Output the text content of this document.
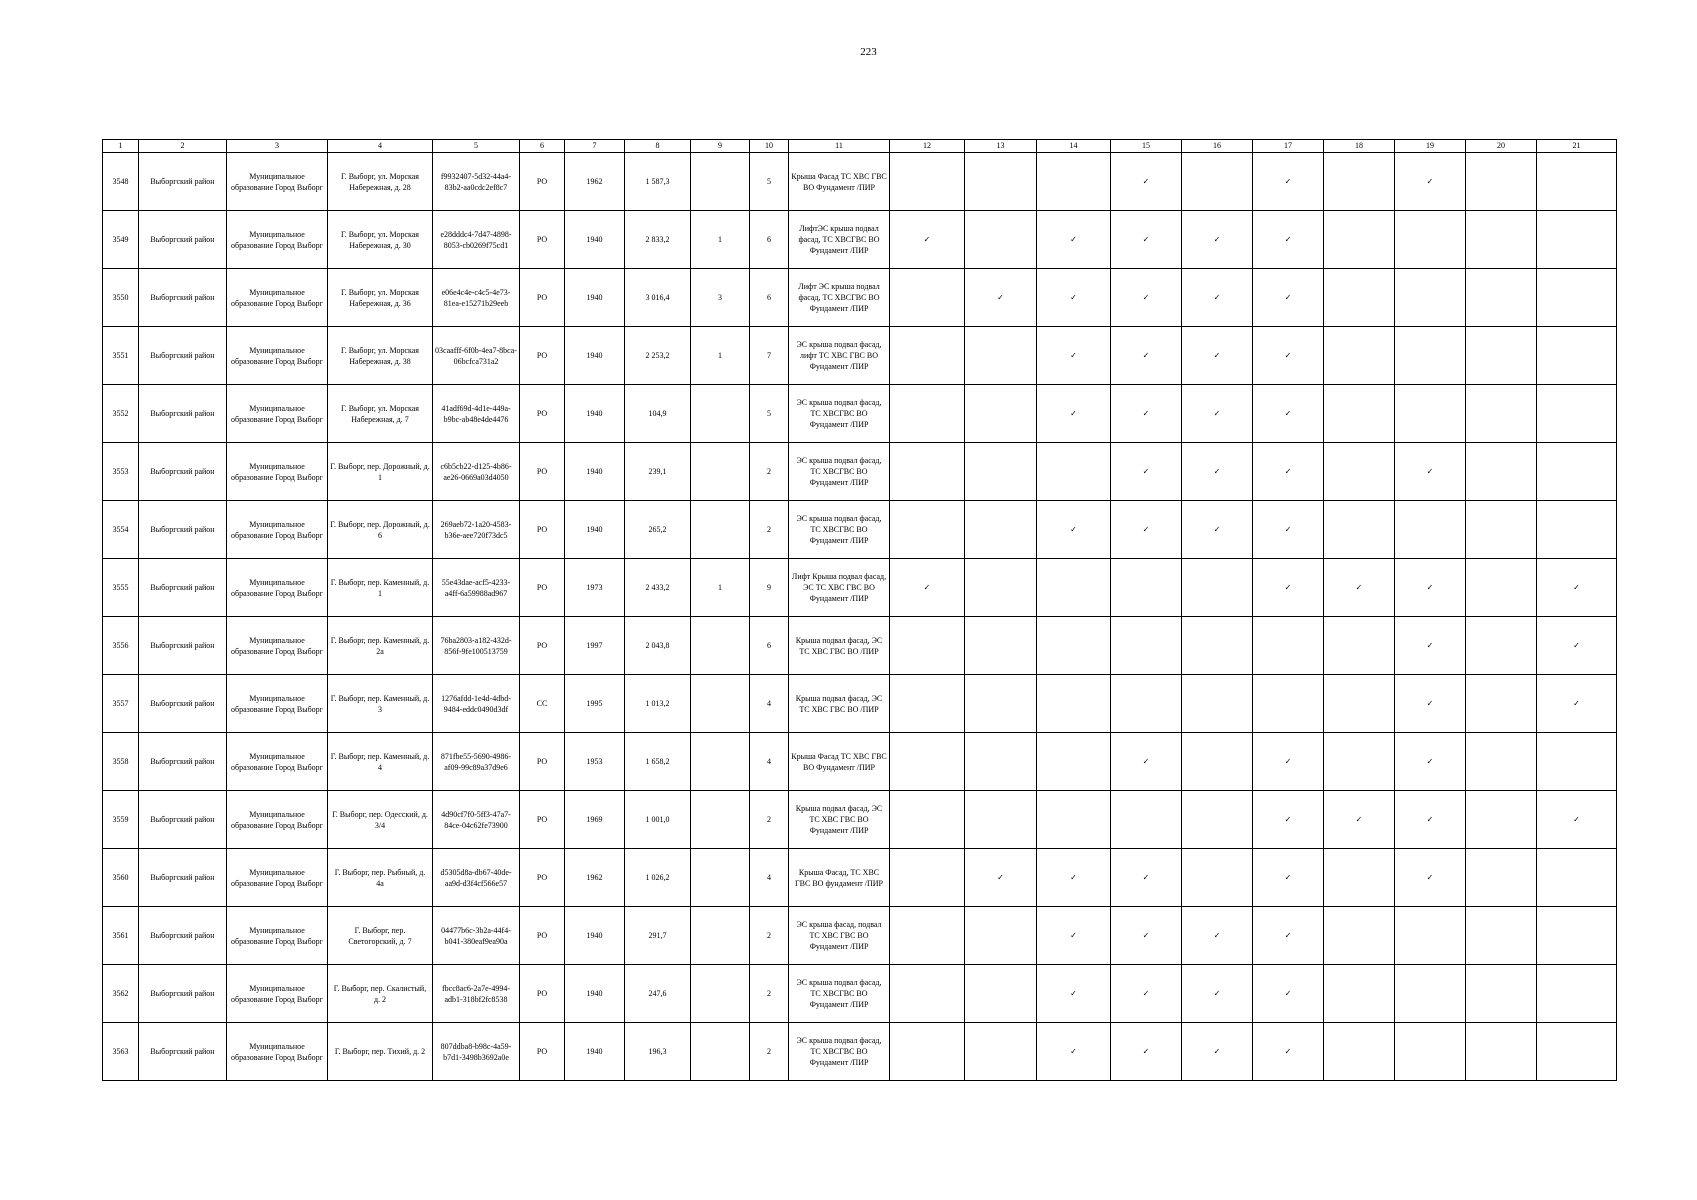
223
1	2	3	4	5	6	7	8	9	10	11	12	13	14	15	16	17	18	19	20	21
3548	Выборгский район	Муниципальное образование Город Выборг	Г. Выборг, ул. Морская Набережная, д. 28	f9932407-5d32-44a4-83b2-aa0cdc2ef8c7	РО	1962	1 587,3		5	Крыша Фасад ТС ХВС ГВС ВО Фундамент /ПИР				✓		✓		✓		
3549	Выборгский район	Муниципальное образование Город Выборг	Г. Выборг, ул. Морская Набережная, д. 30	e28dddc4-7d47-4898-8053-cb0269f75cd1	РО	1940	2 833,2	1	6	ЛифтЭС крыша подвал фасад, ТС ХВСГВС ВО Фундамент /ПИР	✓		✓	✓	✓	✓				
3550	Выборгский район	Муниципальное образование Город Выборг	Г. Выборг, ул. Морская Набережная, д. 36	e06e4c4e-c4c5-4e73-81ea-e15271b29eeb	РО	1940	3 016,4	3	6	Лифт ЭС крыша подвал фасад, ТС ХВСГВС ВО Фундамент /ПИР		✓	✓	✓	✓	✓				
3551	Выборгский район	Муниципальное образование Город Выборг	Г. Выборг, ул. Морская Набережная, д. 38	03caafff-6f0b-4ea7-8bca-06bcfca731a2	РО	1940	2 253,2	1	7	ЭС крыша подвал фасад, лифт ТС ХВС ГВС ВО Фундамент /ПИР			✓	✓	✓	✓				
3552	Выборгский район	Муниципальное образование Город Выборг	Г. Выборг, ул. Морская Набережная, д. 7	41adf69d-4d1e-449a-b9bc-ab48e4de4476	РО	1940	104,9		5	ЭС крыша подвал фасад, ТС ХВСГВС ВО Фундамент /ПИР			✓	✓	✓	✓				
3553	Выборгский район	Муниципальное образование Город Выборг	Г. Выборг, пер. Дорожный, д. 1	c6b5cb22-d125-4b86-ae26-0669a03d4050	РО	1940	239,1		2	ЭС крыша подвал фасад, ТС ХВСГВС ВО Фундамент /ПИР				✓	✓	✓		✓		
3554	Выборгский район	Муниципальное образование Город Выборг	Г. Выборг, пер. Дорожный, д. 6	269aeb72-1a20-4583-b36e-aee720f73dc5	РО	1940	265,2		2	ЭС крыша подвал фасад, ТС ХВСГВС ВО Фундамент /ПИР			✓	✓	✓	✓				
3555	Выборгский район	Муниципальное образование Город Выборг	Г. Выборг, пер. Каменный, д. 1	55e43dae-acf5-4233-a4ff-6a59988ad967	РО	1973	2 433,2	1	9	Лифт Крыша подвал фасад, ЭС ТС ХВС ГВС ВО Фундамент /ПИР	✓					✓	✓	✓		✓
3556	Выборгский район	Муниципальное образование Город Выборг	Г. Выборг, пер. Каменный, д. 2а	76ba2803-a182-432d-856f-9fe100513759	РО	1997	2 043,8		6	Крыша подвал фасад, ЭС ТС ХВС ГВС ВО /ПИР								✓		✓
3557	Выборгский район	Муниципальное образование Город Выборг	Г. Выборг, пер. Каменный, д. 3	1276afdd-1e4d-4dbd-9484-eddc0490d3df	СС	1995	1 013,2		4	Крыша подвал фасад, ЭС ТС ХВС ГВС ВО /ПИР								✓		✓
3558	Выборгский район	Муниципальное образование Город Выборг	Г. Выборг, пер. Каменный, д. 4	871fbe55-5690-4986-af09-99c89a37d9e6	РО	1953	1 658,2		4	Крыша Фасад ТС ХВС ГВС ВО Фундамент /ПИР				✓		✓		✓		
3559	Выборгский район	Муниципальное образование Город Выборг	Г. Выборг, пер. Одесский, д. 3/4	4d90cf7f0-5ff3-47a7-84ce-04c62fe73900	РО	1969	1 001,0		2	Крыша подвал фасад, ЭС ТС ХВС ГВС ВО Фундамент /ПИР						✓	✓	✓		✓
3560	Выборгский район	Муниципальное образование Город Выборг	Г. Выборг, пер. Рыбный, д. 4а	d5305d8a-db67-40de-aa9d-d3f4cf566e57	РО	1962	1 026,2		4	Крыша Фасад, ТС ХВС ГВС ВО фундамент /ПИР		✓	✓	✓		✓		✓		
3561	Выборгский район	Муниципальное образование Город Выборг	Г. Выборг, пер. Светогорский, д. 7	04477b6c-3b2a-44f4-b041-380eaf9ea90a	РО	1940	291,7		2	ЭС крыша фасад, подвал ТС ХВС ГВС ВО Фундамент /ПИР			✓	✓	✓	✓				
3562	Выборгский район	Муниципальное образование Город Выборг	Г. Выборг, пер. Скалистый, д. 2	fbcc8ac6-2a7e-4994-adb1-318bf2fc8538	РО	1940	247,6		2	ЭС крыша подвал фасад, ТС ХВСГВС ВО Фундамент /ПИР			✓	✓	✓	✓				
3563	Выборгский район	Муниципальное образование Город Выборг	Г. Выборг, пер. Тихий, д. 2	807ddba8-b98c-4a59-b7d1-3498b3692a0e	РО	1940	196,3		2	ЭС крыша подвал фасад, ТС ХВСГВС ВО Фундамент /ПИР			✓	✓	✓	✓				
